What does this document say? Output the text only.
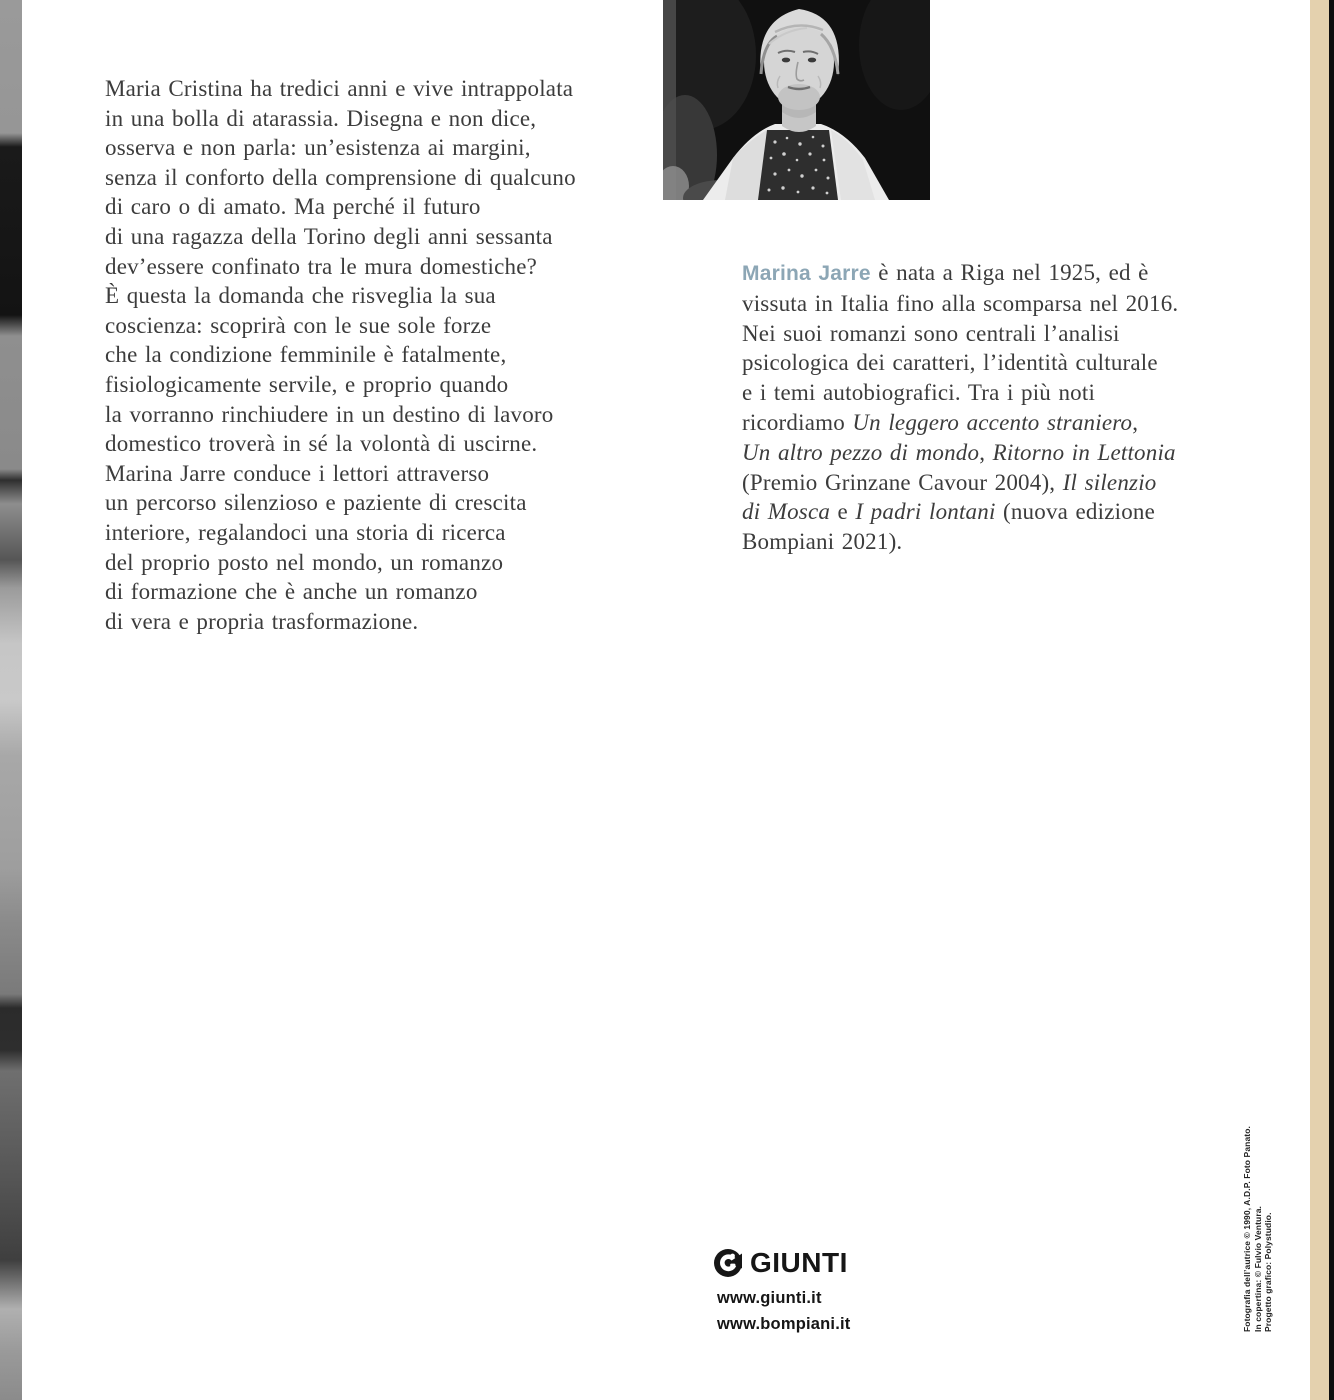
Maria Cristina ha tredici anni e vive intrappolata
in una bolla di atarassia. Disegna e non dice,
osserva e non parla: un’esistenza ai margini,
senza il conforto della comprensione di qualcuno
di caro o di amato. Ma perché il futuro
di una ragazza della Torino degli anni sessanta
dev’essere confinato tra le mura domestiche?
È questa la domanda che risveglia la sua
coscienza: scoprirà con le sue sole forze
che la condizione femminile è fatalmente,
fisiologicamente servile, e proprio quando
la vorranno rinchiudere in un destino di lavoro
domestico troverà in sé la volontà di uscirne.
Marina Jarre conduce i lettori attraverso
un percorso silenzioso e paziente di crescita
interiore, regalandoci una storia di ricerca
del proprio posto nel mondo, un romanzo
di formazione che è anche un romanzo
di vera e propria trasformazione.
Marina Jarre è nata a Riga nel 1925, ed è
vissuta in Italia fino alla scomparsa nel 2016.
Nei suoi romanzi sono centrali l’analisi
psicologica dei caratteri, l’identità culturale
e i temi autobiografici. Tra i più noti
ricordiamo Un leggero accento straniero,
Un altro pezzo di mondo, Ritorno in Lettonia
(Premio Grinzane Cavour 2004), Il silenzio
di Mosca e I padri lontani (nuova edizione
Bompiani 2021).
GIUNTI
www.giunti.it
www.bompiani.it	Fotografia dell’autrice © 1990, A.D.P. Foto Panato. In copertina: © Fulvio Ventura. Progetto grafico: Polystudio.
